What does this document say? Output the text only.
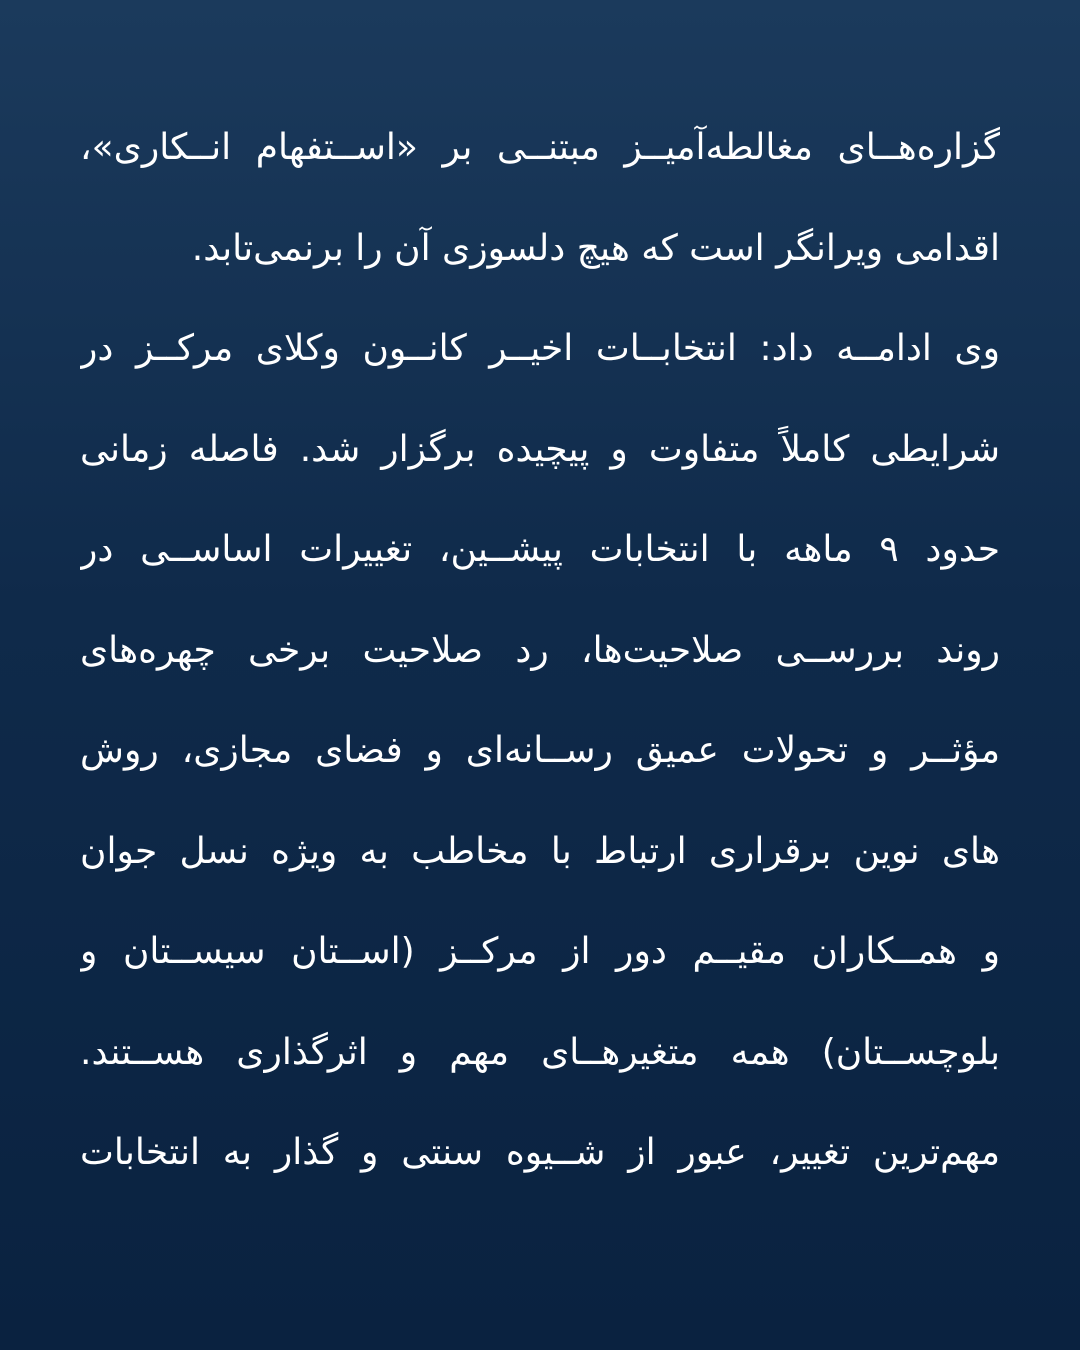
گزاره‌هــای مغالطه‌آمیــز مبتنــی بر «اســتفهام انــکاری»،
اقدامی ویرانگر است که هیچ دلسوزی آن را برنمی‌تابد.
وی ادامــه داد: انتخابــات اخیــر کانــون وکلای مرکــز در
شرایطی کاملاً متفاوت و پیچیده برگزار شد. فاصله زمانی
حدود ۹ ماهه با انتخابات پیشــین، تغییرات اساســی در
روند بررســی صلاحیت‌ها، رد صلاحیت برخی چهره‌های
مؤثــر و تحولات عمیق رســانه‌ای و فضای مجازی، روش
های نوین برقراری ارتباط با مخاطب به ویژه نسل جوان
و همــکاران مقیــم دور از مرکــز (اســتان سیســتان و
بلوچســتان) همه متغیرهــای مهم و اثرگذاری هســتند.
مهم‌ترین تغییر، عبور از شــیوه سنتی و گذار به انتخابات
